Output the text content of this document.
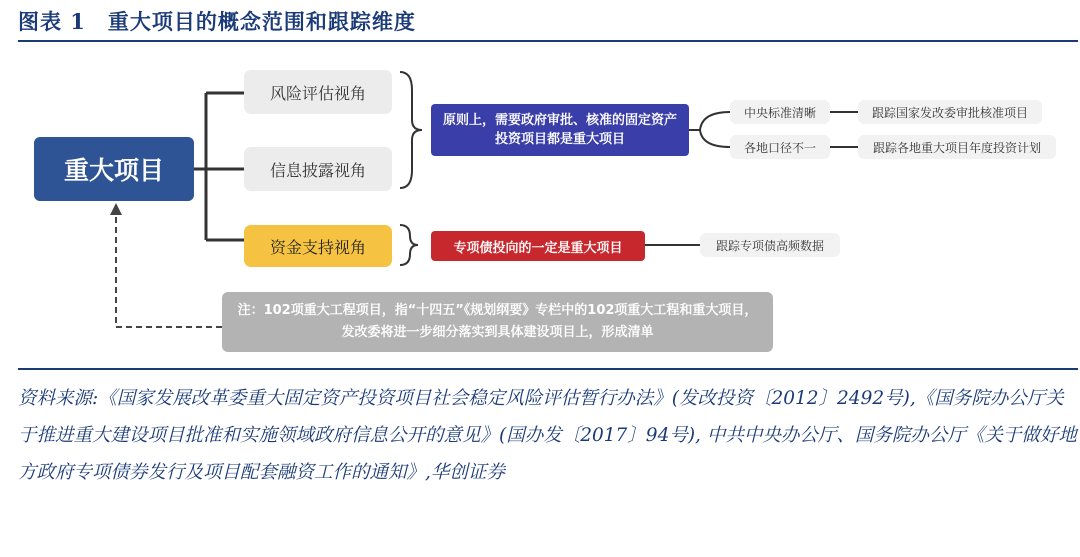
图表 1　重大项目的概念范围和跟踪维度
重大项目
风险评估视角
信息披露视角
资金支持视角
原则上，需要政府审批、核准的固定资产投资项目都是重大项目
专项债投向的一定是重大项目
中央标准清晰
各地口径不一
跟踪国家发改委审批核准项目
跟踪各地重大项目年度投资计划
跟踪专项债高频数据
注：102项重大工程项目，指“十四五”《规划纲要》专栏中的102项重大工程和重大项目，发改委将进一步细分落实到具体建设项目上，形成清单
资料来源:《国家发展改革委重大固定资产投资项目社会稳定风险评估暂行办法》(发改投资〔2012〕2492号),《国务院办公厅关于推进重大建设项目批准和实施领域政府信息公开的意见》(国办发〔2017〕94号), 中共中央办公厅、国务院办公厅《关于做好地方政府专项债券发行及项目配套融资工作的通知》,华创证券
